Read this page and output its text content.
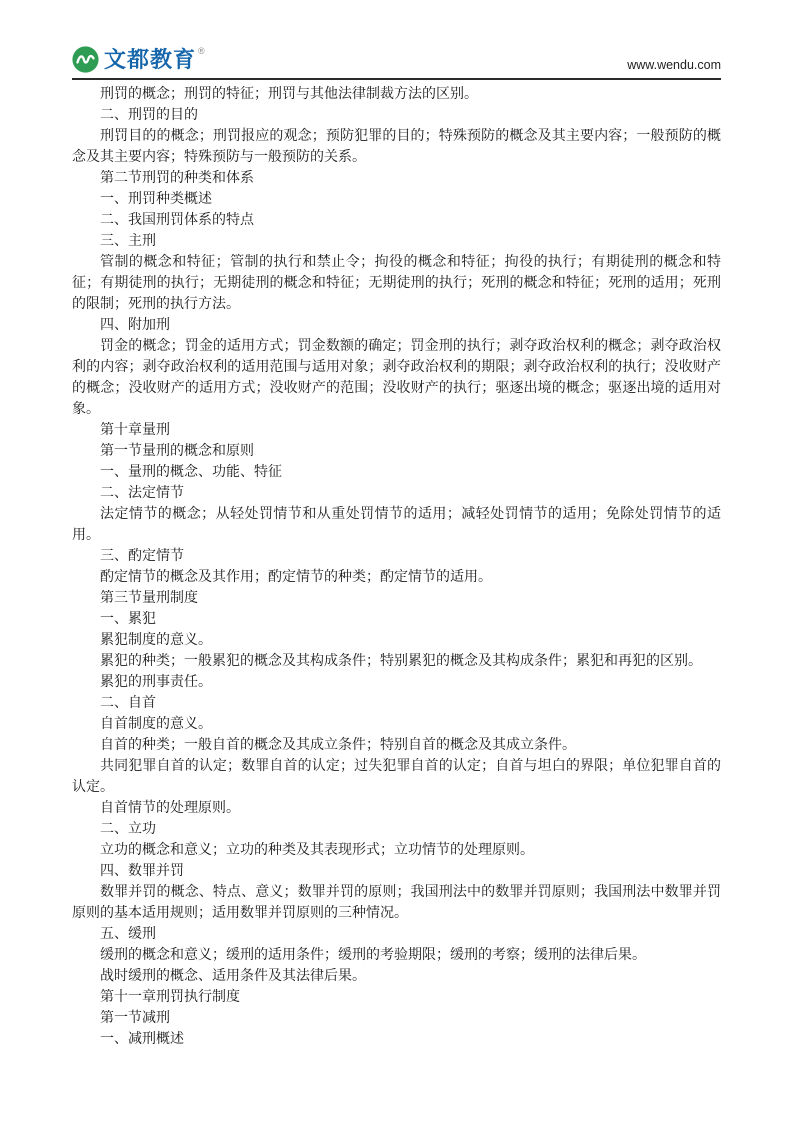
文都教育 ®
www.wendu.com

刑罚的概念；刑罚的特征；刑罚与其他法律制裁方法的区别。

二、刑罚的目的

刑罚目的的概念；刑罚报应的观念；预防犯罪的目的；特殊预防的概念及其主要内容；一般预防的概念及其主要内容；特殊预防与一般预防的关系。

第二节刑罚的种类和体系

一、刑罚种类概述

二、我国刑罚体系的特点

三、主刑

管制的概念和特征；管制的执行和禁止令；拘役的概念和特征；拘役的执行；有期徒刑的概念和特征；有期徒刑的执行；无期徒刑的概念和特征；无期徒刑的执行；死刑的概念和特征；死刑的适用；死刑的限制；死刑的执行方法。

四、附加刑

罚金的概念；罚金的适用方式；罚金数额的确定；罚金刑的执行；剥夺政治权利的概念；剥夺政治权利的内容；剥夺政治权利的适用范围与适用对象；剥夺政治权利的期限；剥夺政治权利的执行；没收财产的概念；没收财产的适用方式；没收财产的范围；没收财产的执行；驱逐出境的概念；驱逐出境的适用对象。

第十章量刑

第一节量刑的概念和原则

一、量刑的概念、功能、特征

二、法定情节

法定情节的概念；从轻处罚情节和从重处罚情节的适用；减轻处罚情节的适用；免除处罚情节的适用。

三、酌定情节

酌定情节的概念及其作用；酌定情节的种类；酌定情节的适用。

第三节量刑制度

一、累犯

累犯制度的意义。

累犯的种类；一般累犯的概念及其构成条件；特别累犯的概念及其构成条件；累犯和再犯的区别。

累犯的刑事责任。

二、自首

自首制度的意义。

自首的种类；一般自首的概念及其成立条件；特别自首的概念及其成立条件。

共同犯罪自首的认定；数罪自首的认定；过失犯罪自首的认定；自首与坦白的界限；单位犯罪自首的认定。

自首情节的处理原则。

二、立功

立功的概念和意义；立功的种类及其表现形式；立功情节的处理原则。

四、数罪并罚

数罪并罚的概念、特点、意义；数罪并罚的原则；我国刑法中的数罪并罚原则；我国刑法中数罪并罚原则的基本适用规则；适用数罪并罚原则的三种情况。

五、缓刑

缓刑的概念和意义；缓刑的适用条件；缓刑的考验期限；缓刑的考察；缓刑的法律后果。

战时缓刑的概念、适用条件及其法律后果。

第十一章刑罚执行制度

第一节减刑

一、减刑概述
